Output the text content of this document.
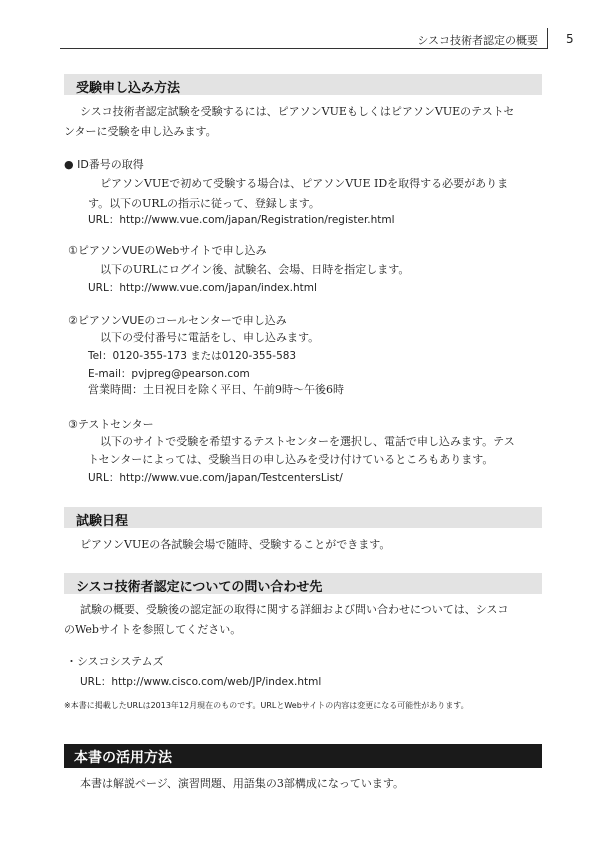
シスコ技術者認定の概要 5
受験申し込み方法
シスコ技術者認定試験を受験するには、ピアソンVUEもしくはピアソンVUEのテストセ
ンターに受験を申し込みます。
● ID番号の取得
ピアソンVUEで初めて受験する場合は、ピアソンVUE IDを取得する必要がありま
す。以下のURLの指示に従って、登録します。
URL：http://www.vue.com/japan/Registration/register.html
①ピアソンVUEのWebサイトで申し込み
以下のURLにログイン後、試験名、会場、日時を指定します。
URL：http://www.vue.com/japan/index.html
②ピアソンVUEのコールセンターで申し込み
以下の受付番号に電話をし、申し込みます。
Tel：0120-355-173 または0120-355-583
E-mail：pvjpreg@pearson.com
営業時間：土日祝日を除く平日、午前9時～午後6時
③テストセンター
以下のサイトで受験を希望するテストセンターを選択し、電話で申し込みます。テス
トセンターによっては、受験当日の申し込みを受け付けているところもあります。
URL：http://www.vue.com/japan/TestcentersList/
試験日程
ピアソンVUEの各試験会場で随時、受験することができます。
シスコ技術者認定についての問い合わせ先
試験の概要、受験後の認定証の取得に関する詳細および問い合わせについては、シスコ
のWebサイトを参照してください。
・シスコシステムズ
URL：http://www.cisco.com/web/JP/index.html
※本書に掲載したURLは2013年12月現在のものです。URLとWebサイトの内容は変更になる可能性があります。
本書の活用方法
本書は解説ページ、演習問題、用語集の3部構成になっています。
